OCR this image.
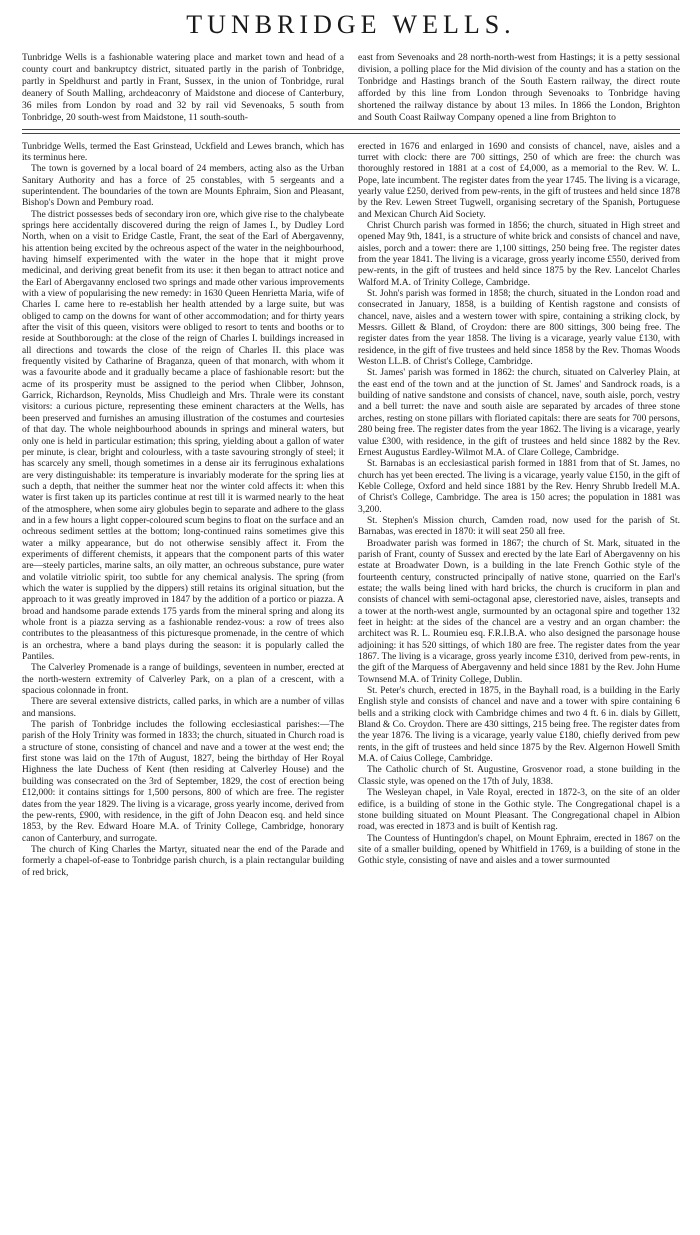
TUNBRIDGE WELLS.

Tunbridge Wells is a fashionable watering place and market town and head of a county court and bankruptcy district, situated partly in the parish of Tonbridge, partly in Speldhurst and partly in Frant, Sussex, in the union of Tonbridge, rural deanery of South Malling, archdeaconry of Maidstone and diocese of Canterbury, 36 miles from London by road and 32 by rail vid Sevenoaks, 5 south from Tonbridge, 20 south-west from Maidstone, 11 south-south-

east from Sevenoaks and 28 north-north-west from Hastings; it is a petty sessional division, a polling place for the Mid division of the county and has a station on the Tonbridge and Hastings branch of the South Eastern railway, the direct route afforded by this line from London through Sevenoaks to Tonbridge having shortened the railway distance by about 13 miles. In 1866 the London, Brighton and South Coast Railway Company opened a line from Brighton to

Tunbridge Wells, termed the East Grinstead, Uckfield and Lewes branch, which has its terminus here.

The town is governed by a local board of 24 members, acting also as the Urban Sanitary Authority and has a force of 25 constables, with 5 sergeants and a superintendent. The boundaries of the town are Mounts Ephraim, Sion and Pleasant, Bishop's Down and Pembury road.

The district possesses beds of secondary iron ore, which give rise to the chalybeate springs here accidentally discovered during the reign of James I., by Dudley Lord North, when on a visit to Eridge Castle, Frant, the seat of the Earl of Abergavenny, his attention being excited by the ochreous aspect of the water in the neighbourhood, having himself experimented with the water in the hope that it might prove medicinal, and deriving great benefit from its use: it then began to attract notice and the Earl of Abergavanny enclosed two springs and made other various improvements with a view of popularising the new remedy: in 1630 Queen Henrietta Maria, wife of Charles I. came here to re-establish her health attended by a large suite, but was obliged to camp on the downs for want of other accommodation; and for thirty years after the visit of this queen, visitors were obliged to resort to tents and booths or to reside at Southborough: at the close of the reign of Charles I. buildings increased in all directions and towards the close of the reign of Charles II. this place was frequently visited by Catharine of Braganza, queen of that monarch, with whom it was a favourite abode and it gradually became a place of fashionable resort: but the acme of its prosperity must be assigned to the period when Clibber, Johnson, Garrick, Richardson, Reynolds, Miss Chudleigh and Mrs. Thrale were its constant visitors: a curious picture, representing these eminent characters at the Wells, has been preserved and furnishes an amusing illustration of the costumes and courtesies of that day. The whole neighbourhood abounds in springs and mineral waters, but only one is held in particular estimation; this spring, yielding about a gallon of water per minute, is clear, bright and colourless, with a taste savouring strongly of steel; it has scarcely any smell, though sometimes in a dense air its ferruginous exhalations are very distinguishable: its temperature is invariably moderate for the spring lies at such a depth, that neither the summer heat nor the winter cold affects it: when this water is first taken up its particles continue at rest till it is warmed nearly to the heat of the atmosphere, when some airy globules begin to separate and adhere to the glass and in a few hours a light copper-coloured scum begins to float on the surface and an ochreous sediment settles at the bottom; long-continued rains sometimes give this water a milky appearance, but do not otherwise sensibly affect it. From the experiments of different chemists, it appears that the component parts of this water are—steely particles, marine salts, an oily matter, an ochreous substance, pure water and volatile vitriolic spirit, too subtle for any chemical analysis. The spring (from which the water is supplied by the dippers) still retains its original situation, but the approach to it was greatly improved in 1847 by the addition of a portico or piazza. A broad and handsome parade extends 175 yards from the mineral spring and along its whole front is a piazza serving as a fashionable rendez-vous: a row of trees also contributes to the pleasantness of this picturesque promenade, in the centre of which is an orchestra, where a band plays during the season: it is popularly called the Pantiles.

The Calverley Promenade is a range of buildings, seventeen in number, erected at the north-western extremity of Calverley Park, on a plan of a crescent, with a spacious colonnade in front.

There are several extensive districts, called parks, in which are a number of villas and mansions.

The parish of Tonbridge includes the following ecclesiastical parishes:—The parish of the Holy Trinity was formed in 1833; the church, situated in Church road is a structure of stone, consisting of chancel and nave and a tower at the west end; the first stone was laid on the 17th of August, 1827, being the birthday of Her Royal Highness the late Duchess of Kent (then residing at Calverley House) and the building was consecrated on the 3rd of September, 1829, the cost of erection being £12,000: it contains sittings for 1,500 persons, 800 of which are free. The register dates from the year 1829. The living is a vicarage, gross yearly income, derived from the pew-rents, £900, with residence, in the gift of John Deacon esq. and held since 1853, by the Rev. Edward Hoare M.A. of Trinity College, Cambridge, honorary canon of Canterbury, and surrogate.

The church of King Charles the Martyr, situated near the end of the Parade and formerly a chapel-of-ease to Tonbridge parish church, is a plain rectangular building of red brick,

erected in 1676 and enlarged in 1690 and consists of chancel, nave, aisles and a turret with clock: there are 700 sittings, 250 of which are free: the church was thoroughly restored in 1881 at a cost of £4,000, as a memorial to the Rev. W. L. Pope, late incumbent. The register dates from the year 1745. The living is a vicarage, yearly value £250, derived from pew-rents, in the gift of trustees and held since 1878 by the Rev. Lewen Street Tugwell, organising secretary of the Spanish, Portuguese and Mexican Church Aid Society.

Christ Church parish was formed in 1856; the church, situated in High street and opened May 9th, 1841, is a structure of white brick and consists of chancel and nave, aisles, porch and a tower: there are 1,100 sittings, 250 being free. The register dates from the year 1841. The living is a vicarage, gross yearly income £550, derived from pew-rents, in the gift of trustees and held since 1875 by the Rev. Lancelot Charles Walford M.A. of Trinity College, Cambridge.

St. John's parish was formed in 1858; the church, situated in the London road and consecrated in January, 1858, is a building of Kentish ragstone and consists of chancel, nave, aisles and a western tower with spire, containing a striking clock, by Messrs. Gillett & Bland, of Croydon: there are 800 sittings, 300 being free. The register dates from the year 1858. The living is a vicarage, yearly value £130, with residence, in the gift of five trustees and held since 1858 by the Rev. Thomas Woods Weston LL.B. of Christ's College, Cambridge.

St. James' parish was formed in 1862: the church, situated on Calverley Plain, at the east end of the town and at the junction of St. James' and Sandrock roads, is a building of native sandstone and consists of chancel, nave, south aisle, porch, vestry and a bell turret: the nave and south aisle are separated by arcades of three stone arches, resting on stone pillars with floriated capitals: there are seats for 700 persons, 280 being free. The register dates from the year 1862. The living is a vicarage, yearly value £300, with residence, in the gift of trustees and held since 1882 by the Rev. Ernest Augustus Eardley-Wilmot M.A. of Clare College, Cambridge.

St. Barnabas is an ecclesiastical parish formed in 1881 from that of St. James, no church has yet been erected. The living is a vicarage, yearly value £150, in the gift of Keble College, Oxford and held since 1881 by the Rev. Henry Shrubb Iredell M.A. of Christ's College, Cambridge. The area is 150 acres; the population in 1881 was 3,200.

St. Stephen's Mission church, Camden road, now used for the parish of St. Barnabas, was erected in 1870: it will seat 250 all free.

Broadwater parish was formed in 1867; the church of St. Mark, situated in the parish of Frant, county of Sussex and erected by the late Earl of Abergavenny on his estate at Broadwater Down, is a building in the late French Gothic style of the fourteenth century, constructed principally of native stone, quarried on the Earl's estate; the walls being lined with hard bricks, the church is cruciform in plan and consists of chancel with semi-octagonal apse, clerestoried nave, aisles, transepts and a tower at the north-west angle, surmounted by an octagonal spire and together 132 feet in height: at the sides of the chancel are a vestry and an organ chamber: the architect was R. L. Roumieu esq. F.R.I.B.A. who also designed the parsonage house adjoining: it has 520 sittings, of which 180 are free. The register dates from the year 1867. The living is a vicarage, gross yearly income £310, derived from pew-rents, in the gift of the Marquess of Abergavenny and held since 1881 by the Rev. John Hume Townsend M.A. of Trinity College, Dublin.

St. Peter's church, erected in 1875, in the Bayhall road, is a building in the Early English style and consists of chancel and nave and a tower with spire containing 6 bells and a striking clock with Cambridge chimes and two 4 ft. 6 in. dials by Gillett, Bland & Co. Croydon. There are 430 sittings, 215 being free. The register dates from the year 1876. The living is a vicarage, yearly value £180, chiefly derived from pew rents, in the gift of trustees and held since 1875 by the Rev. Algernon Howell Smith M.A. of Caius College, Cambridge.

The Catholic church of St. Augustine, Grosvenor road, a stone building in the Classic style, was opened on the 17th of July, 1838.

The Wesleyan chapel, in Vale Royal, erected in 1872-3, on the site of an older edifice, is a building of stone in the Gothic style. The Congregational chapel is a stone building situated on Mount Pleasant. The Congregational chapel in Albion road, was erected in 1873 and is built of Kentish rag.

The Countess of Huntingdon's chapel, on Mount Ephraim, erected in 1867 on the site of a smaller building, opened by Whitfield in 1769, is a building of stone in the Gothic style, consisting of nave and aisles and a tower surmounted
